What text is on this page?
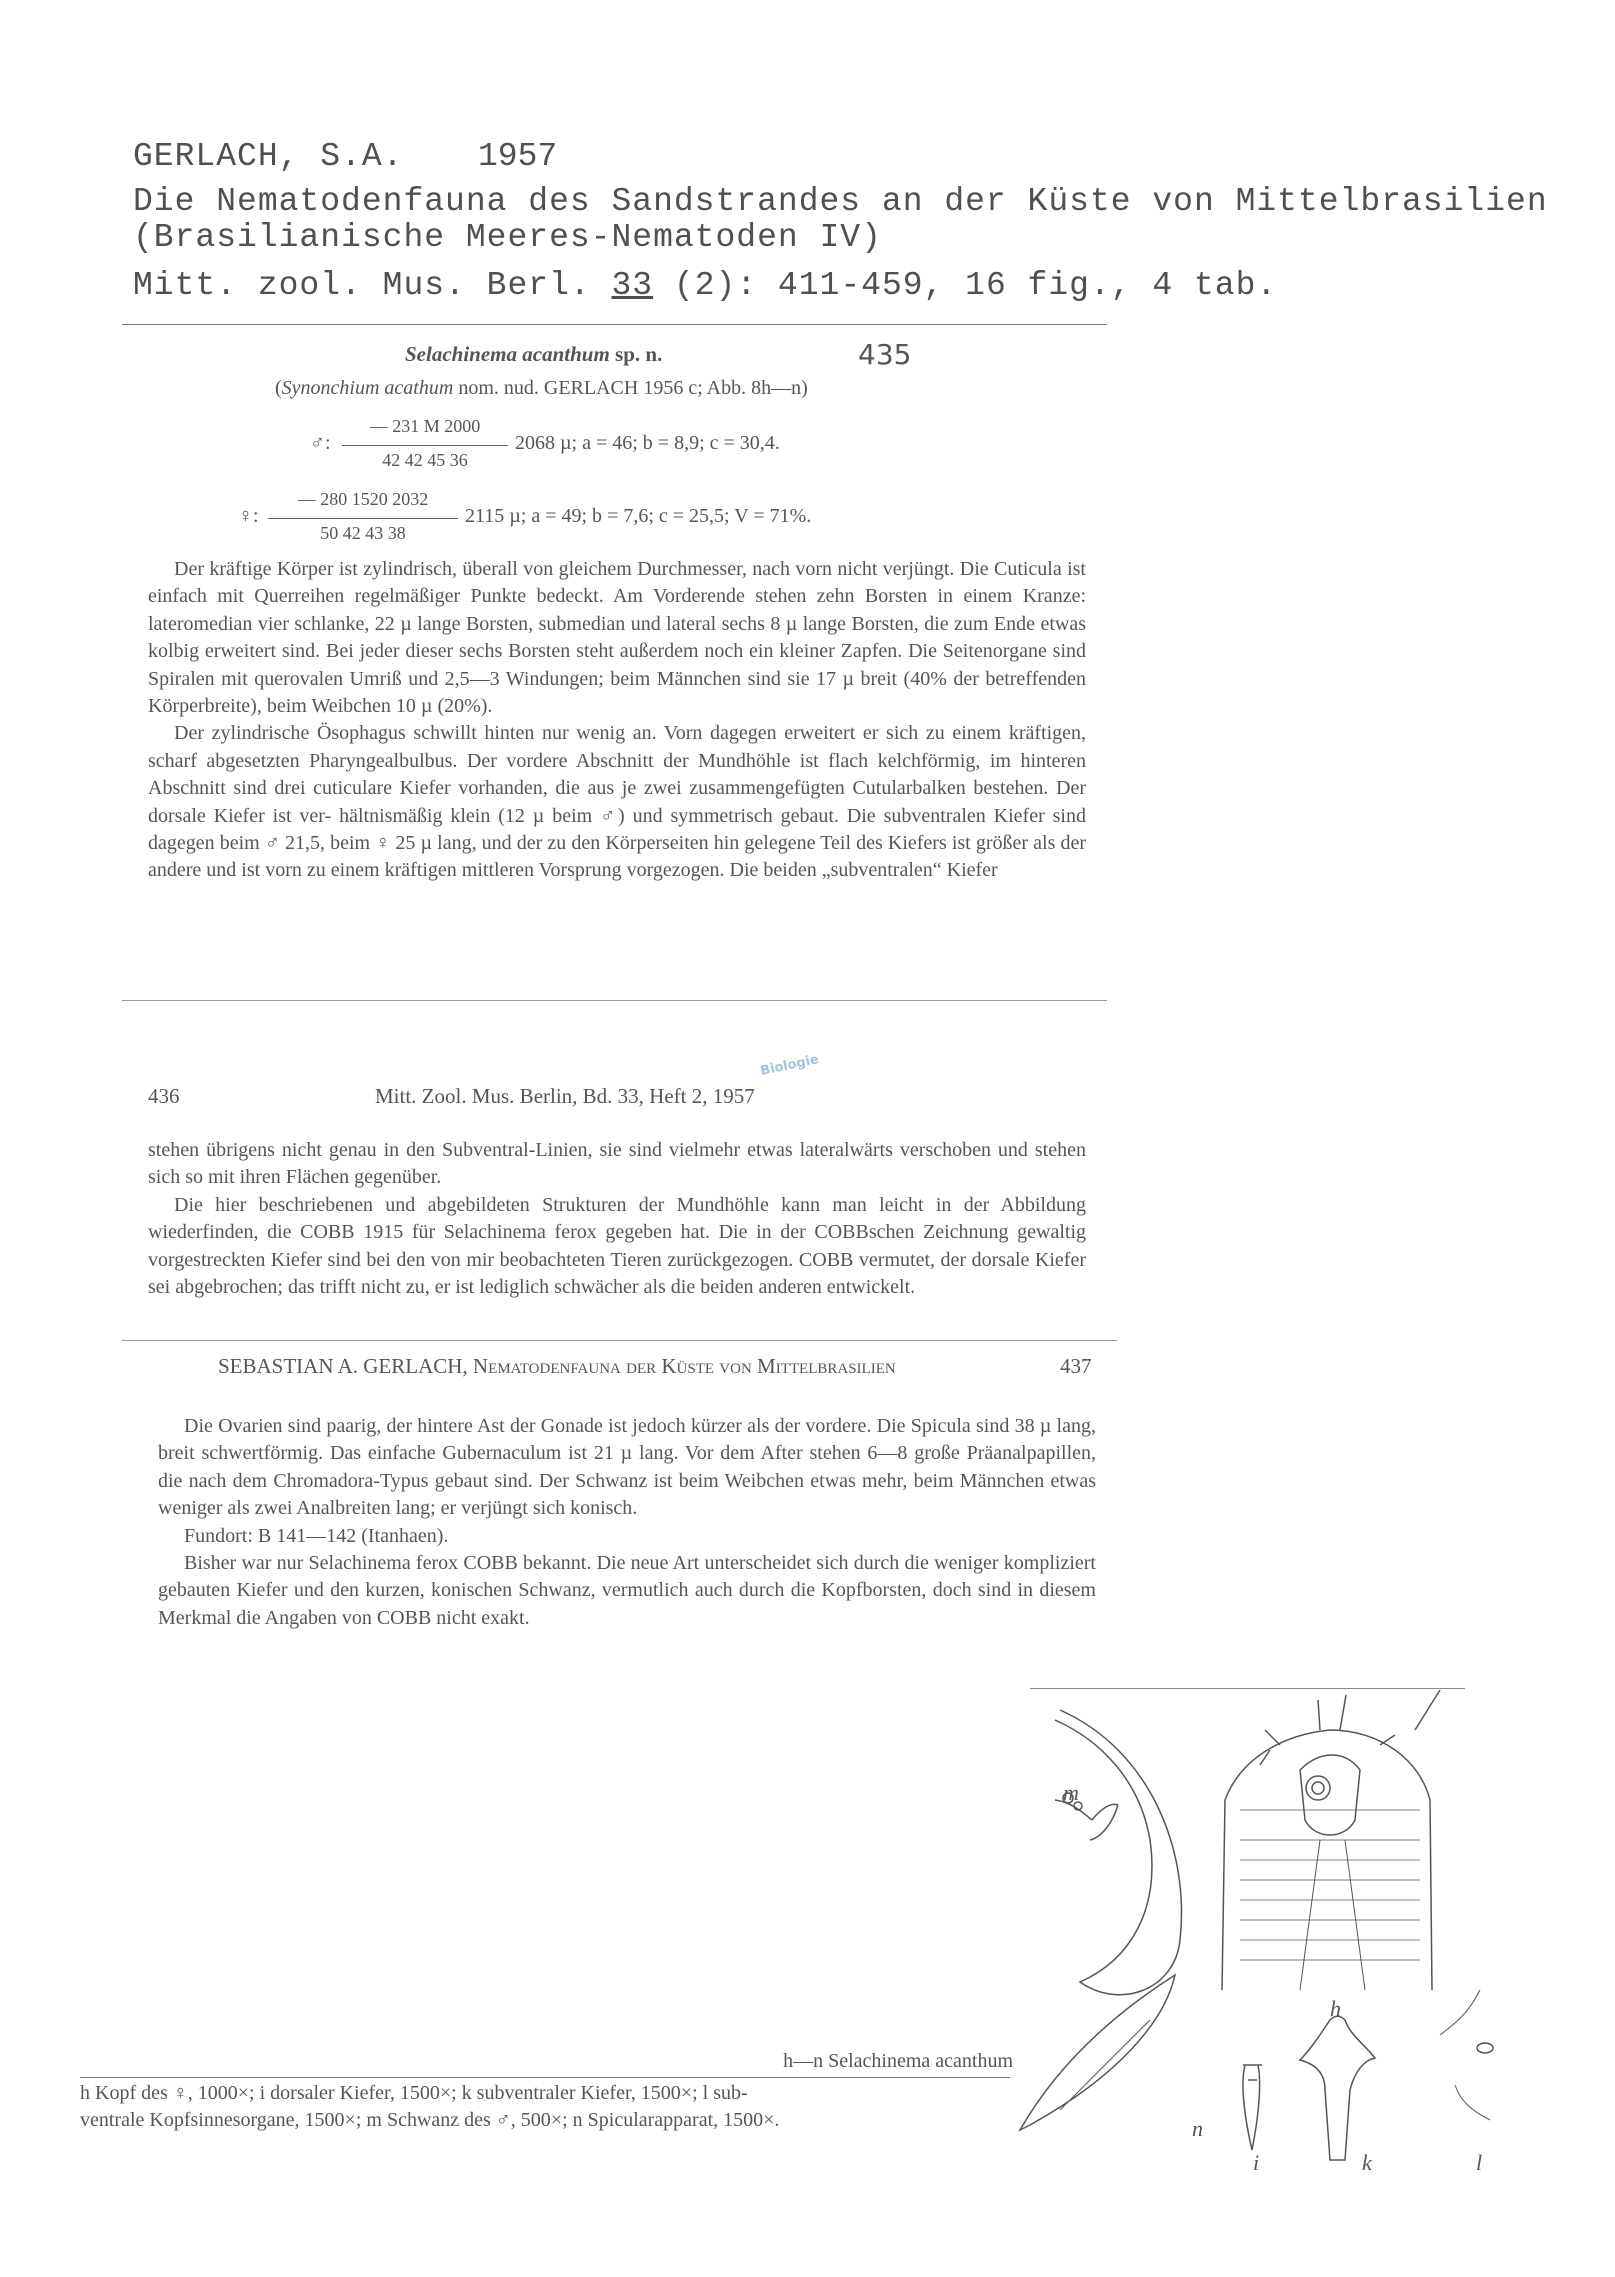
GERLACH, S.A. 1957
Die Nematodenfauna des Sandstrandes an der Küste von Mittelbrasilien
(Brasilianische Meeres-Nematoden IV)
Mitt. zool. Mus. Berl. 33 (2): 411-459, 16 fig., 4 tab.
Selachinema acanthum sp. n.	435
(Synonchium acathum nom. nud. GERLACH 1956 c; Abb. 8h—n)
♂:
— 231 M 2000
42 42 45 36
2068 µ; a = 46; b = 8,9; c = 30,4.
♀:
— 280 1520 2032
50 42 43 38
2115 µ; a = 49; b = 7,6; c = 25,5; V = 71%.

Der kräftige Körper ist zylindrisch, überall von gleichem Durchmesser, nach vorn nicht verjüngt. Die Cuticula ist einfach mit Querreihen regelmäßiger Punkte bedeckt. Am Vorderende stehen zehn Borsten in einem Kranze: lateromedian vier schlanke, 22 µ lange Borsten, submedian und lateral sechs 8 µ lange Borsten, die zum Ende etwas kolbig erweitert sind. Bei jeder dieser sechs Borsten steht außerdem noch ein kleiner Zapfen. Die Seitenorgane sind Spiralen mit querovalen Umriß und 2,5—3 Windungen; beim Männchen sind sie 17 µ breit (40% der betreffenden Körperbreite), beim Weibchen 10 µ (20%).

Der zylindrische Ösophagus schwillt hinten nur wenig an. Vorn dagegen erweitert er sich zu einem kräftigen, scharf abgesetzten Pharyngealbulbus. Der vordere Abschnitt der Mundhöhle ist flach kelchförmig, im hinteren Abschnitt sind drei cuticulare Kiefer vorhanden, die aus je zwei zusammengefügten Cutularbalken bestehen. Der dorsale Kiefer ist ver- hältnismäßig klein (12 µ beim ♂) und symmetrisch gebaut. Die subventralen Kiefer sind dagegen beim ♂ 21,5, beim ♀ 25 µ lang, und der zu den Körperseiten hin gelegene Teil des Kiefers ist größer als der andere und ist vorn zu einem kräftigen mittleren Vorsprung vorgezogen. Die beiden „subventralen“ Kiefer

436	Mitt. Zool. Mus. Berlin, Bd. 33, Heft 2, 1957
Biologie

stehen übrigens nicht genau in den Subventral-Linien, sie sind vielmehr etwas lateralwärts verschoben und stehen sich so mit ihren Flächen gegenüber.

Die hier beschriebenen und abgebildeten Strukturen der Mundhöhle kann man leicht in der Abbildung wiederfinden, die COBB 1915 für Selachinema ferox gegeben hat. Die in der COBBschen Zeichnung gewaltig vorgestreckten Kiefer sind bei den von mir beobachteten Tieren zurückgezogen. COBB vermutet, der dorsale Kiefer sei abgebrochen; das trifft nicht zu, er ist lediglich schwächer als die beiden anderen entwickelt.

SEBASTIAN A. GERLACH, Nematodenfauna der Küste von Mittelbrasilien	437

Die Ovarien sind paarig, der hintere Ast der Gonade ist jedoch kürzer als der vordere. Die Spicula sind 38 µ lang, breit schwertförmig. Das einfache Gubernaculum ist 21 µ lang. Vor dem After stehen 6—8 große Präanalpapillen, die nach dem Chromadora-Typus gebaut sind. Der Schwanz ist beim Weibchen etwas mehr, beim Männchen etwas weniger als zwei Analbreiten lang; er verjüngt sich konisch.

Fundort: B 141—142 (Itanhaen).

Bisher war nur Selachinema ferox COBB bekannt. Die neue Art unterscheidet sich durch die weniger kompliziert gebauten Kiefer und den kurzen, konischen Schwanz, vermutlich auch durch die Kopfborsten, doch sind in diesem Merkmal die Angaben von COBB nicht exakt.

m
h
n
i	k	l
h—n Selachinema acanthum
h Kopf des ♀, 1000×; i dorsaler Kiefer, 1500×; k subventraler Kiefer, 1500×; l sub-
ventrale Kopfsinnesorgane, 1500×; m Schwanz des ♂, 500×; n Spicularapparat, 1500×.
